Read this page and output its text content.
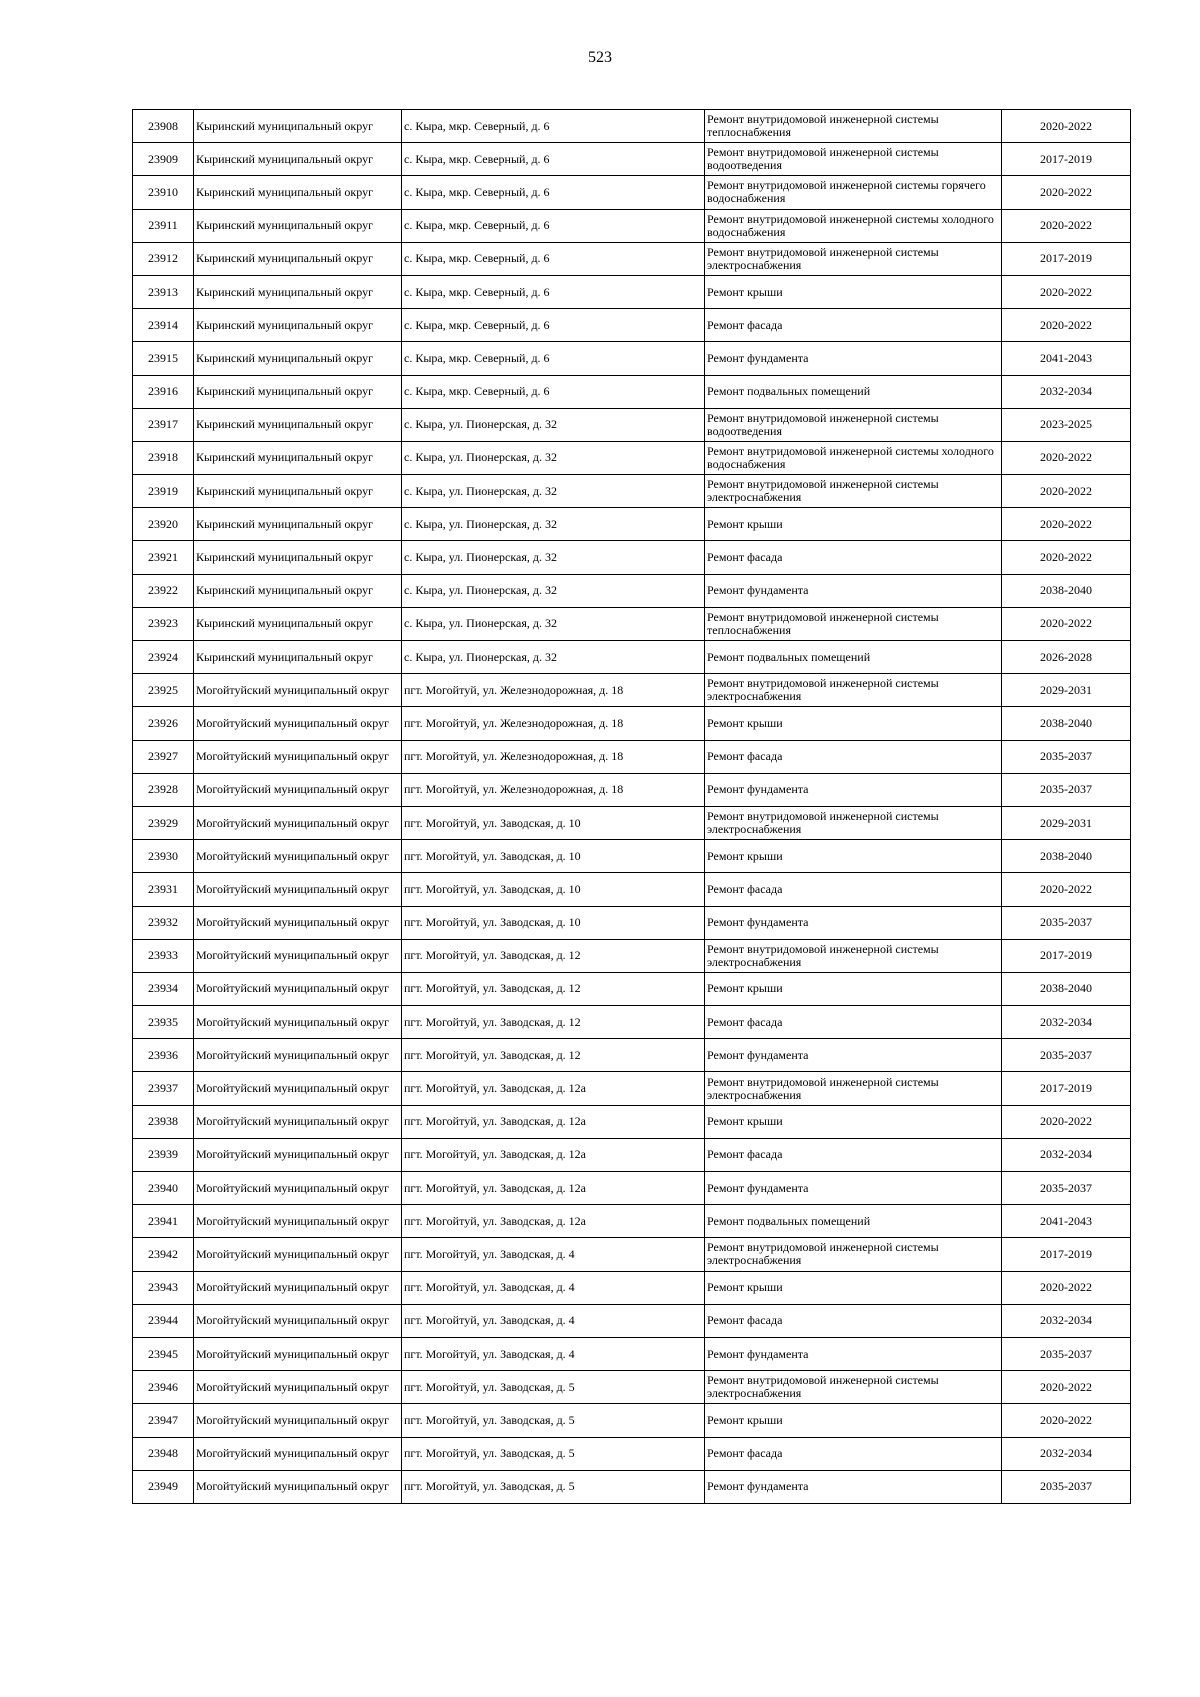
523
23908	Кыринский муниципальный округ	с. Кыра, мкр. Северный, д. 6	Ремонт внутридомовой инженерной системы теплоснабжения	2020-2022
23909	Кыринский муниципальный округ	с. Кыра, мкр. Северный, д. 6	Ремонт внутридомовой инженерной системы водоотведения	2017-2019
23910	Кыринский муниципальный округ	с. Кыра, мкр. Северный, д. 6	Ремонт внутридомовой инженерной системы горячего водоснабжения	2020-2022
23911	Кыринский муниципальный округ	с. Кыра, мкр. Северный, д. 6	Ремонт внутридомовой инженерной системы холодного водоснабжения	2020-2022
23912	Кыринский муниципальный округ	с. Кыра, мкр. Северный, д. 6	Ремонт внутридомовой инженерной системы электроснабжения	2017-2019
23913	Кыринский муниципальный округ	с. Кыра, мкр. Северный, д. 6	Ремонт крыши	2020-2022
23914	Кыринский муниципальный округ	с. Кыра, мкр. Северный, д. 6	Ремонт фасада	2020-2022
23915	Кыринский муниципальный округ	с. Кыра, мкр. Северный, д. 6	Ремонт фундамента	2041-2043
23916	Кыринский муниципальный округ	с. Кыра, мкр. Северный, д. 6	Ремонт подвальных помещений	2032-2034
23917	Кыринский муниципальный округ	с. Кыра, ул. Пионерская, д. 32	Ремонт внутридомовой инженерной системы водоотведения	2023-2025
23918	Кыринский муниципальный округ	с. Кыра, ул. Пионерская, д. 32	Ремонт внутридомовой инженерной системы холодного водоснабжения	2020-2022
23919	Кыринский муниципальный округ	с. Кыра, ул. Пионерская, д. 32	Ремонт внутридомовой инженерной системы электроснабжения	2020-2022
23920	Кыринский муниципальный округ	с. Кыра, ул. Пионерская, д. 32	Ремонт крыши	2020-2022
23921	Кыринский муниципальный округ	с. Кыра, ул. Пионерская, д. 32	Ремонт фасада	2020-2022
23922	Кыринский муниципальный округ	с. Кыра, ул. Пионерская, д. 32	Ремонт фундамента	2038-2040
23923	Кыринский муниципальный округ	с. Кыра, ул. Пионерская, д. 32	Ремонт внутридомовой инженерной системы теплоснабжения	2020-2022
23924	Кыринский муниципальный округ	с. Кыра, ул. Пионерская, д. 32	Ремонт подвальных помещений	2026-2028
23925	Могойтуйский муниципальный округ	пгт. Могойтуй, ул. Железнодорожная, д. 18	Ремонт внутридомовой инженерной системы электроснабжения	2029-2031
23926	Могойтуйский муниципальный округ	пгт. Могойтуй, ул. Железнодорожная, д. 18	Ремонт крыши	2038-2040
23927	Могойтуйский муниципальный округ	пгт. Могойтуй, ул. Железнодорожная, д. 18	Ремонт фасада	2035-2037
23928	Могойтуйский муниципальный округ	пгт. Могойтуй, ул. Железнодорожная, д. 18	Ремонт фундамента	2035-2037
23929	Могойтуйский муниципальный округ	пгт. Могойтуй, ул. Заводская, д. 10	Ремонт внутридомовой инженерной системы электроснабжения	2029-2031
23930	Могойтуйский муниципальный округ	пгт. Могойтуй, ул. Заводская, д. 10	Ремонт крыши	2038-2040
23931	Могойтуйский муниципальный округ	пгт. Могойтуй, ул. Заводская, д. 10	Ремонт фасада	2020-2022
23932	Могойтуйский муниципальный округ	пгт. Могойтуй, ул. Заводская, д. 10	Ремонт фундамента	2035-2037
23933	Могойтуйский муниципальный округ	пгт. Могойтуй, ул. Заводская, д. 12	Ремонт внутридомовой инженерной системы электроснабжения	2017-2019
23934	Могойтуйский муниципальный округ	пгт. Могойтуй, ул. Заводская, д. 12	Ремонт крыши	2038-2040
23935	Могойтуйский муниципальный округ	пгт. Могойтуй, ул. Заводская, д. 12	Ремонт фасада	2032-2034
23936	Могойтуйский муниципальный округ	пгт. Могойтуй, ул. Заводская, д. 12	Ремонт фундамента	2035-2037
23937	Могойтуйский муниципальный округ	пгт. Могойтуй, ул. Заводская, д. 12а	Ремонт внутридомовой инженерной системы электроснабжения	2017-2019
23938	Могойтуйский муниципальный округ	пгт. Могойтуй, ул. Заводская, д. 12а	Ремонт крыши	2020-2022
23939	Могойтуйский муниципальный округ	пгт. Могойтуй, ул. Заводская, д. 12а	Ремонт фасада	2032-2034
23940	Могойтуйский муниципальный округ	пгт. Могойтуй, ул. Заводская, д. 12а	Ремонт фундамента	2035-2037
23941	Могойтуйский муниципальный округ	пгт. Могойтуй, ул. Заводская, д. 12а	Ремонт подвальных помещений	2041-2043
23942	Могойтуйский муниципальный округ	пгт. Могойтуй, ул. Заводская, д. 4	Ремонт внутридомовой инженерной системы электроснабжения	2017-2019
23943	Могойтуйский муниципальный округ	пгт. Могойтуй, ул. Заводская, д. 4	Ремонт крыши	2020-2022
23944	Могойтуйский муниципальный округ	пгт. Могойтуй, ул. Заводская, д. 4	Ремонт фасада	2032-2034
23945	Могойтуйский муниципальный округ	пгт. Могойтуй, ул. Заводская, д. 4	Ремонт фундамента	2035-2037
23946	Могойтуйский муниципальный округ	пгт. Могойтуй, ул. Заводская, д. 5	Ремонт внутридомовой инженерной системы электроснабжения	2020-2022
23947	Могойтуйский муниципальный округ	пгт. Могойтуй, ул. Заводская, д. 5	Ремонт крыши	2020-2022
23948	Могойтуйский муниципальный округ	пгт. Могойтуй, ул. Заводская, д. 5	Ремонт фасада	2032-2034
23949	Могойтуйский муниципальный округ	пгт. Могойтуй, ул. Заводская, д. 5	Ремонт фундамента	2035-2037
